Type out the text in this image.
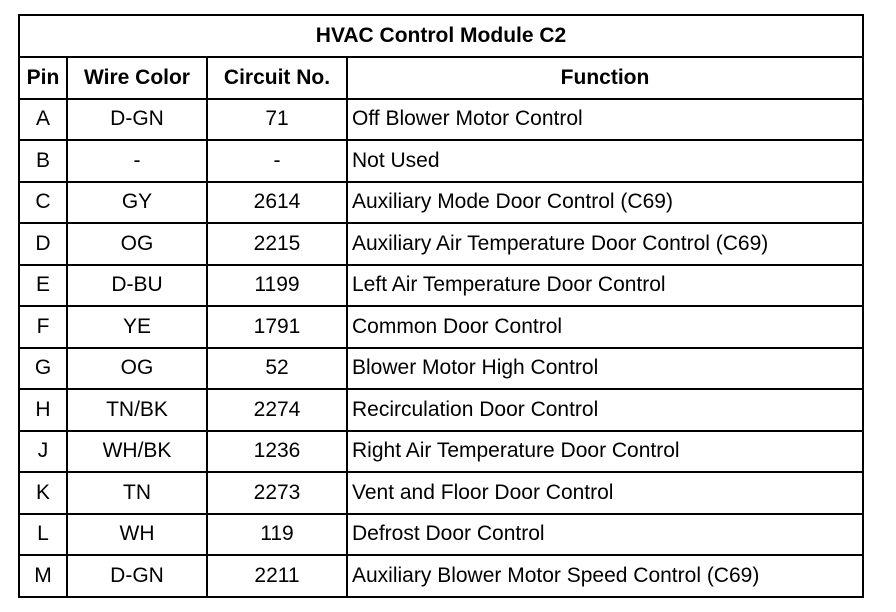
HVAC Control Module C2			
Pin	Wire Color	Circuit No.	Function
A	D-GN	71	Off Blower Motor Control
B	-	-	Not Used
C	GY	2614	Auxiliary Mode Door Control (C69)
D	OG	2215	Auxiliary Air Temperature Door Control (C69)
E	D-BU	1199	Left Air Temperature Door Control
F	YE	1791	Common Door Control
G	OG	52	Blower Motor High Control
H	TN/BK	2274	Recirculation Door Control
J	WH/BK	1236	Right Air Temperature Door Control
K	TN	2273	Vent and Floor Door Control
L	WH	119	Defrost Door Control
M	D-GN	2211	Auxiliary Blower Motor Speed Control (C69)
